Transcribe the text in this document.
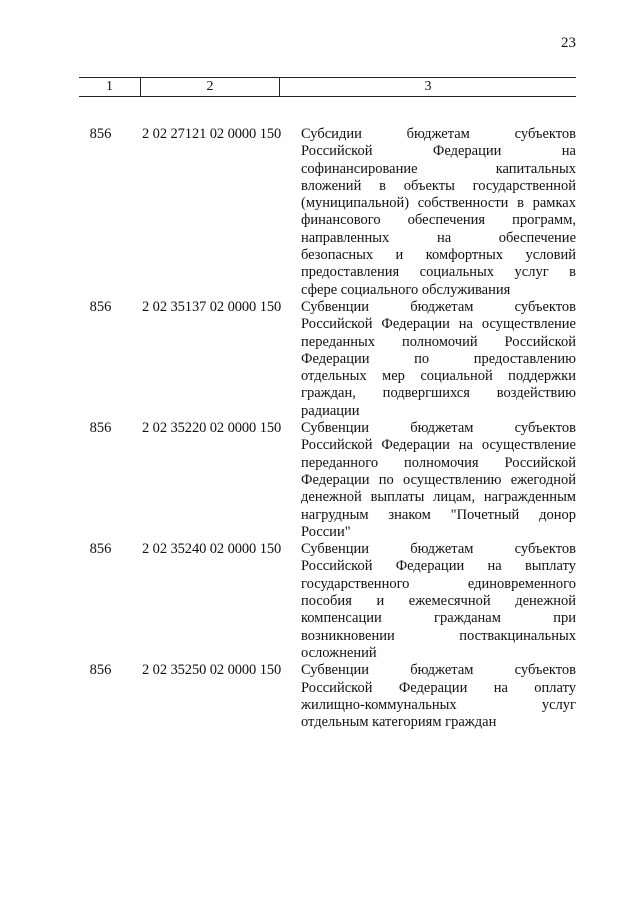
23
1	2	3
856	2 02 27121 02 0000 150 Субсидии бюджетам субъектов
Российской Федерации на
софинансирование капитальных
вложений в объекты государственной
(муниципальной) собственности в рамках
финансового обеспечения программ,
направленных на обеспечение
безопасных и комфортных условий
предоставления социальных услуг в
сфере социального обслуживания
856	2 02 35137 02 0000 150 Субвенции бюджетам субъектов
Российской Федерации на осуществление
переданных полномочий Российской
Федерации по предоставлению
отдельных мер социальной поддержки
граждан, подвергшихся воздействию
радиации
856	2 02 35220 02 0000 150 Субвенции бюджетам субъектов
Российской Федерации на осуществление
переданного полномочия Российской
Федерации по осуществлению ежегодной
денежной выплаты лицам, награжденным
нагрудным знаком "Почетный донор
России"
856	2 02 35240 02 0000 150 Субвенции бюджетам субъектов
Российской Федерации на выплату
государственного единовременного
пособия и ежемесячной денежной
компенсации гражданам при
возникновении поствакцинальных
осложнений
856	2 02 35250 02 0000 150 Субвенции бюджетам субъектов
Российской Федерации на оплату
жилищно-коммунальных услуг
отдельным категориям граждан
